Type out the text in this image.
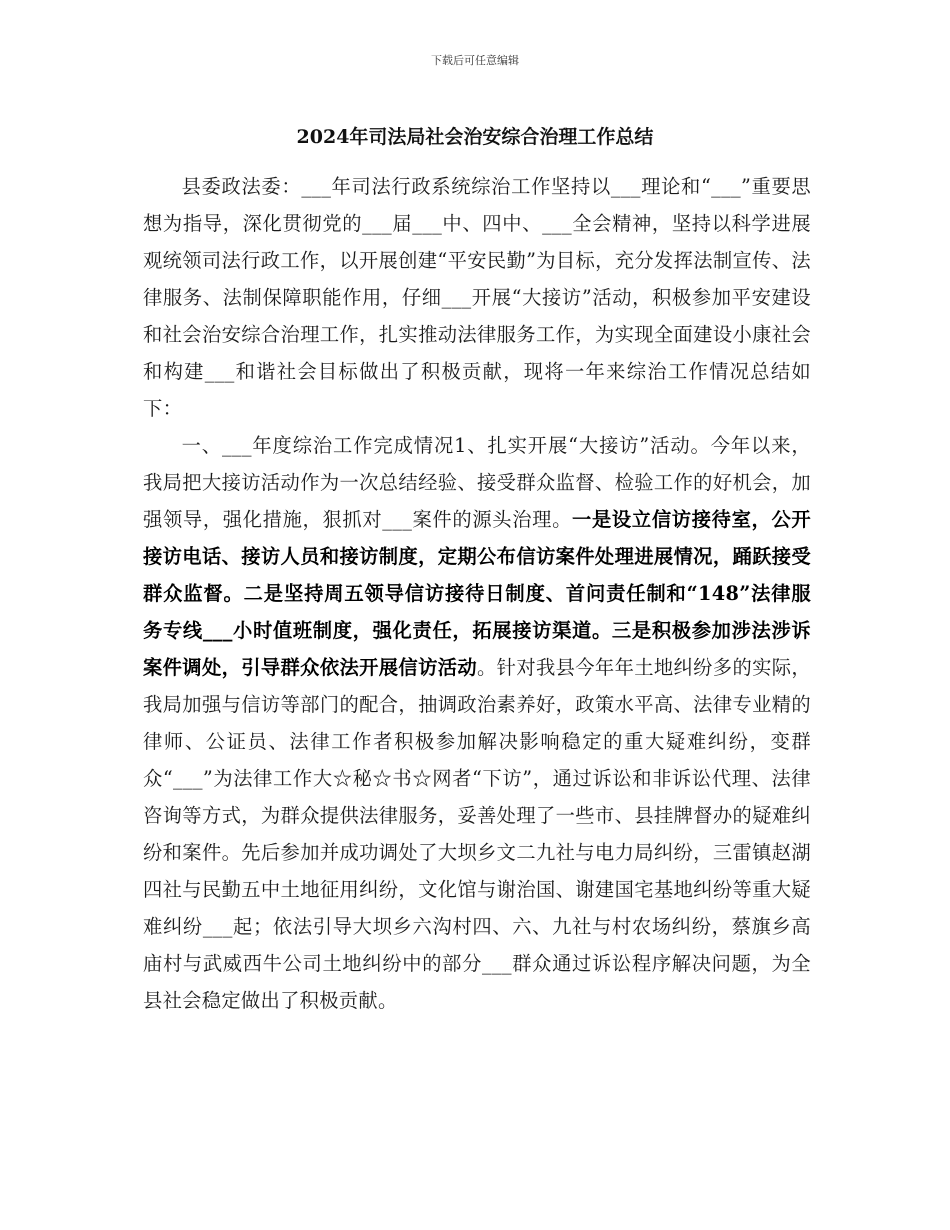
下载后可任意编辑
2024年司法局社会治安综合治理工作总结

县委政法委：___年司法行政系统综治工作坚持以___理论和“___”重要思想为指导，深化贯彻党的___届___中、四中、___全会精神，坚持以科学进展观统领司法行政工作，以开展创建“平安民勤”为目标，充分发挥法制宣传、法律服务、法制保障职能作用，仔细___开展“大接访”活动，积极参加平安建设和社会治安综合治理工作，扎实推动法律服务工作，为实现全面建设小康社会和构建___和谐社会目标做出了积极贡献，现将一年来综治工作情况总结如下：

一、___年度综治工作完成情况1、扎实开展“大接访”活动。今年以来，我局把大接访活动作为一次总结经验、接受群众监督、检验工作的好机会，加强领导，强化措施，狠抓对___案件的源头治理。一是设立信访接待室，公开接访电话、接访人员和接访制度，定期公布信访案件处理进展情况，踊跃接受群众监督。二是坚持周五领导信访接待日制度、首问责任制和“148”法律服务专线___小时值班制度，强化责任，拓展接访渠道。三是积极参加涉法涉诉案件调处，引导群众依法开展信访活动。针对我县今年年土地纠纷多的实际，我局加强与信访等部门的配合，抽调政治素养好，政策水平高、法律专业精的律师、公证员、法律工作者积极参加解决影响稳定的重大疑难纠纷，变群众“___”为法律工作大☆秘☆书☆网者“下访”，通过诉讼和非诉讼代理、法律咨询等方式，为群众提供法律服务，妥善处理了一些市、县挂牌督办的疑难纠纷和案件。先后参加并成功调处了大坝乡文二九社与电力局纠纷，三雷镇赵湖四社与民勤五中土地征用纠纷，文化馆与谢治国、谢建国宅基地纠纷等重大疑难纠纷___起；依法引导大坝乡六沟村四、六、九社与村农场纠纷，蔡旗乡高庙村与武威西牛公司土地纠纷中的部分___群众通过诉讼程序解决问题，为全县社会稳定做出了积极贡献。
